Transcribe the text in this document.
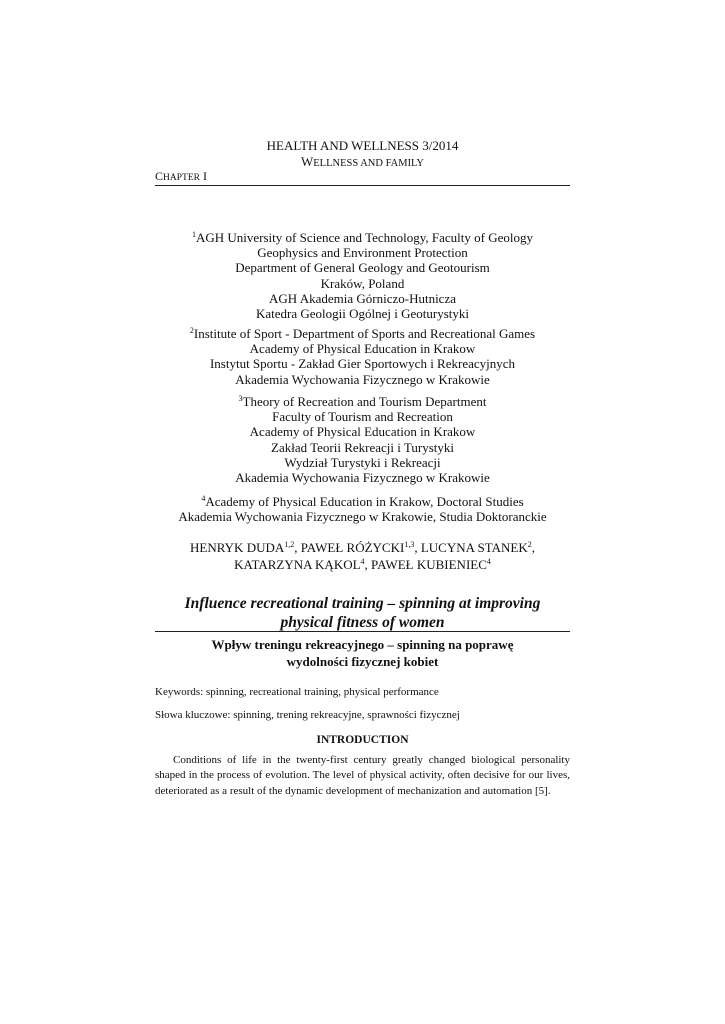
HEALTH AND WELLNESS 3/2014
WELLNESS AND FAMILY
CHAPTER I

$^1$AGH University of Science and Technology, Faculty of Geology

Geophysics and Environment Protection

Department of General Geology and Geotourism

Kraków, Poland

AGH Akademia Górniczo-Hutnicza

Katedra Geologii Ogólnej i Geoturystyki

$^2$Institute of Sport - Department of Sports and Recreational Games

Academy of Physical Education in Krakow

Instytut Sportu - Zakład Gier Sportowych i Rekreacyjnych

Akademia Wychowania Fizycznego w Krakowie

$^3$Theory of Recreation and Tourism Department

Faculty of Tourism and Recreation

Academy of Physical Education in Krakow

Zakład Teorii Rekreacji i Turystyki

Wydział Turystyki i Rekreacji

Akademia Wychowania Fizycznego w Krakowie

$^4$Academy of Physical Education in Krakow, Doctoral Studies

Akademia Wychowania Fizycznego w Krakowie, Studia Doktoranckie

HENRYK DUDA$^{1,2}$, PAWEŁ RÓŻYCKI$^{1,3}$, LUCYNA STANEK$^2$,
KATARZYNA KĄKOL$^4$, PAWEŁ KUBIENIEC$^4$
Influence recreational training – spinning at improving
physical fitness of women
Wpływ treningu rekreacyjnego – spinning na poprawę
wydolności fizycznej kobiet
Keywords: spinning, recreational training, physical performance
Słowa kluczowe: spinning, trening rekreacyjne, sprawności fizycznej
INTRODUCTION

Conditions of life in the twenty-first century greatly changed biological personality shaped in the process of evolution. The level of physical activity, often decisive for our lives, deteriorated as a result of the dynamic development of mechanization and automation [5].
